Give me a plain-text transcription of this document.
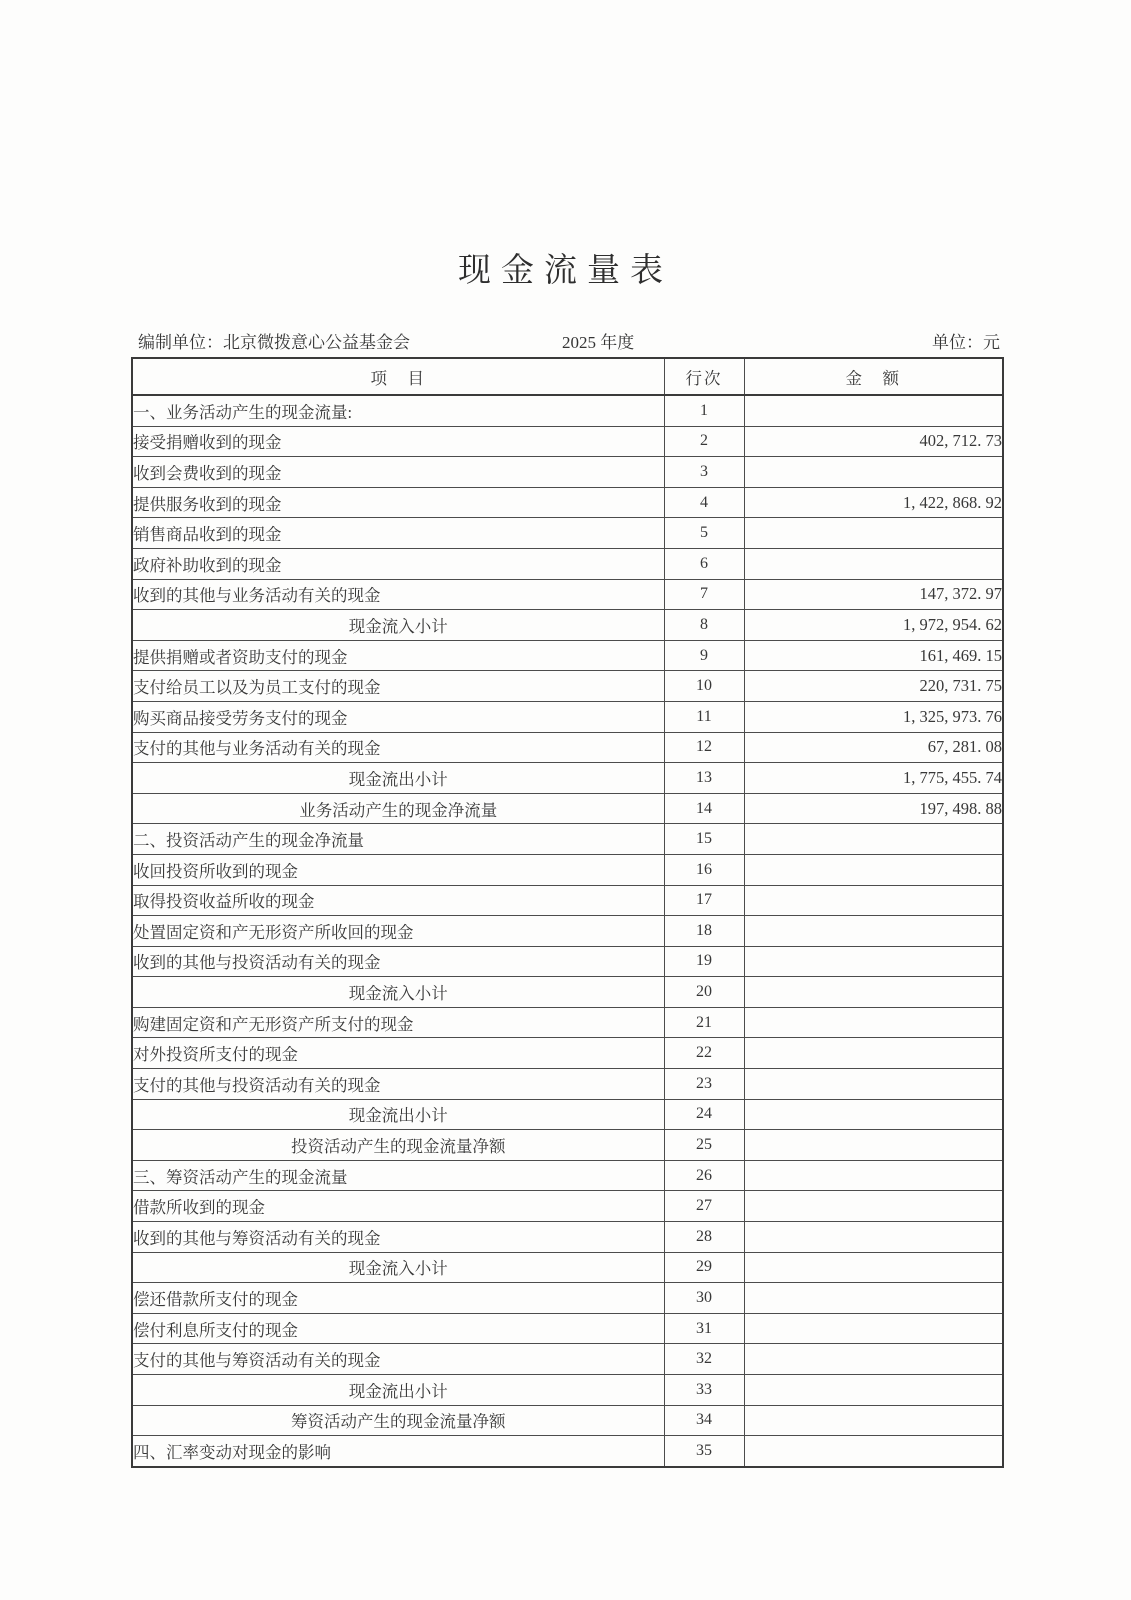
现金流量表
编制单位：北京微拨意心公益基金会	2025 年度	单位：元
项　目	行次	金　额
一、业务活动产生的现金流量:	1	
接受捐赠收到的现金	2	402, 712. 73
收到会费收到的现金	3	
提供服务收到的现金	4	1, 422, 868. 92
销售商品收到的现金	5	
政府补助收到的现金	6	
收到的其他与业务活动有关的现金	7	147, 372. 97
现金流入小计	8	1, 972, 954. 62
提供捐赠或者资助支付的现金	9	161, 469. 15
支付给员工以及为员工支付的现金	10	220, 731. 75
购买商品接受劳务支付的现金	11	1, 325, 973. 76
支付的其他与业务活动有关的现金	12	67, 281. 08
现金流出小计	13	1, 775, 455. 74
业务活动产生的现金净流量	14	197, 498. 88
二、投资活动产生的现金净流量	15	
收回投资所收到的现金	16	
取得投资收益所收的现金	17	
处置固定资和产无形资产所收回的现金	18	
收到的其他与投资活动有关的现金	19	
现金流入小计	20	
购建固定资和产无形资产所支付的现金	21	
对外投资所支付的现金	22	
支付的其他与投资活动有关的现金	23	
现金流出小计	24	
投资活动产生的现金流量净额	25	
三、筹资活动产生的现金流量	26	
借款所收到的现金	27	
收到的其他与筹资活动有关的现金	28	
现金流入小计	29	
偿还借款所支付的现金	30	
偿付利息所支付的现金	31	
支付的其他与筹资活动有关的现金	32	
现金流出小计	33	
筹资活动产生的现金流量净额	34	
四、汇率变动对现金的影响	35	
